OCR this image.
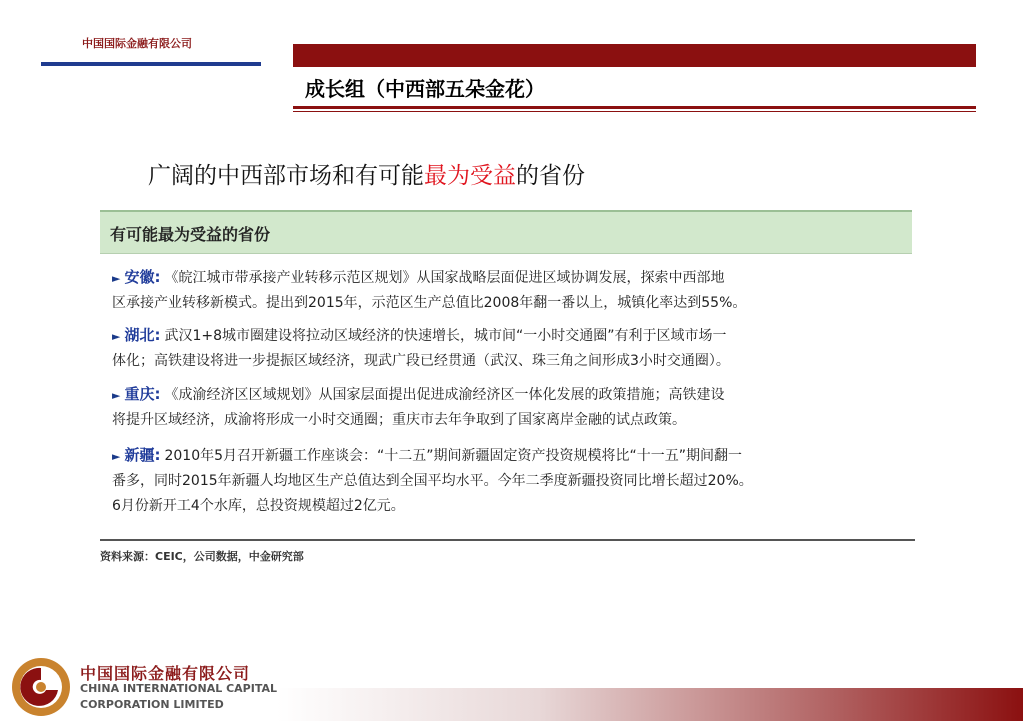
中国国际金融有限公司
成长组（中西部五朵金花）
广阔的中西部市场和有可能最为受益的省份
有可能最为受益的省份
► 安徽: 《皖江城市带承接产业转移示范区规划》从国家战略层面促进区域协调发展，探索中西部地
区承接产业转移新模式。提出到2015年，示范区生产总值比2008年翻一番以上，城镇化率达到55%。
► 湖北: 武汉1+8城市圈建设将拉动区域经济的快速增长，城市间“一小时交通圈”有利于区域市场一
体化；高铁建设将进一步提振区域经济，现武广段已经贯通（武汉、珠三角之间形成3小时交通圈）。
► 重庆: 《成渝经济区区域规划》从国家层面提出促进成渝经济区一体化发展的政策措施；高铁建设
将提升区域经济，成渝将形成一小时交通圈；重庆市去年争取到了国家离岸金融的试点政策。
► 新疆: 2010年5月召开新疆工作座谈会：“十二五”期间新疆固定资产投资规模将比“十一五”期间翻一
番多，同时2015年新疆人均地区生产总值达到全国平均水平。今年二季度新疆投资同比增长超过20%。
6月份新开工4个水库，总投资规模超过2亿元。
资料来源：CEIC，公司数据，中金研究部
中国国际金融有限公司
CHINA INTERNATIONAL CAPITAL
CORPORATION LIMITED
